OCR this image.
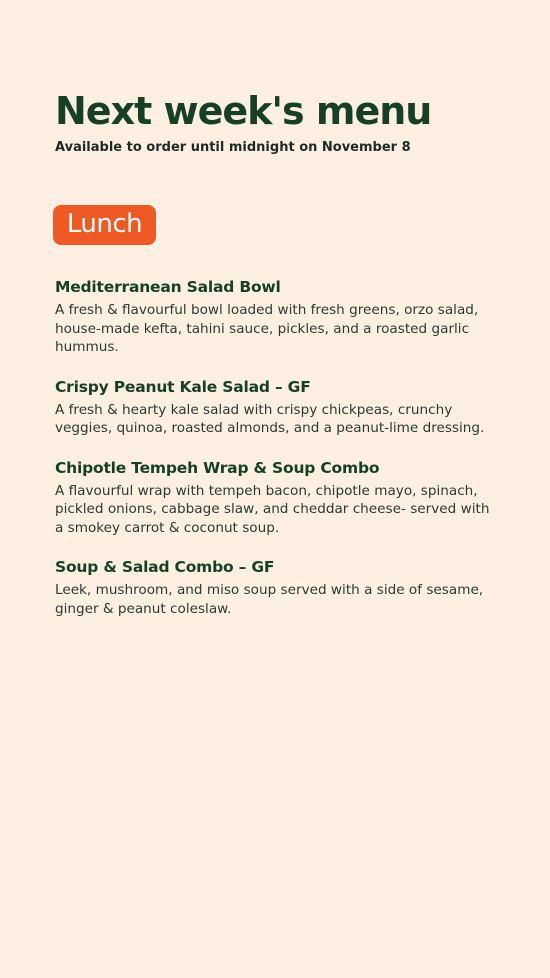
Next week's menu

Available to order until midnight on November 8

Lunch
Mediterranean Salad Bowl

A fresh & flavourful bowl loaded with fresh greens, orzo salad, house-made kefta, tahini sauce, pickles, and a roasted garlic hummus.

Crispy Peanut Kale Salad – GF

A fresh & hearty kale salad with crispy chickpeas, crunchy veggies, quinoa, roasted almonds, and a peanut-lime dressing.

Chipotle Tempeh Wrap & Soup Combo

A flavourful wrap with tempeh bacon, chipotle mayo, spinach, pickled onions, cabbage slaw, and cheddar cheese- served with a smokey carrot & coconut soup.

Soup & Salad Combo – GF

Leek, mushroom, and miso soup served with a side of sesame, ginger & peanut coleslaw.
